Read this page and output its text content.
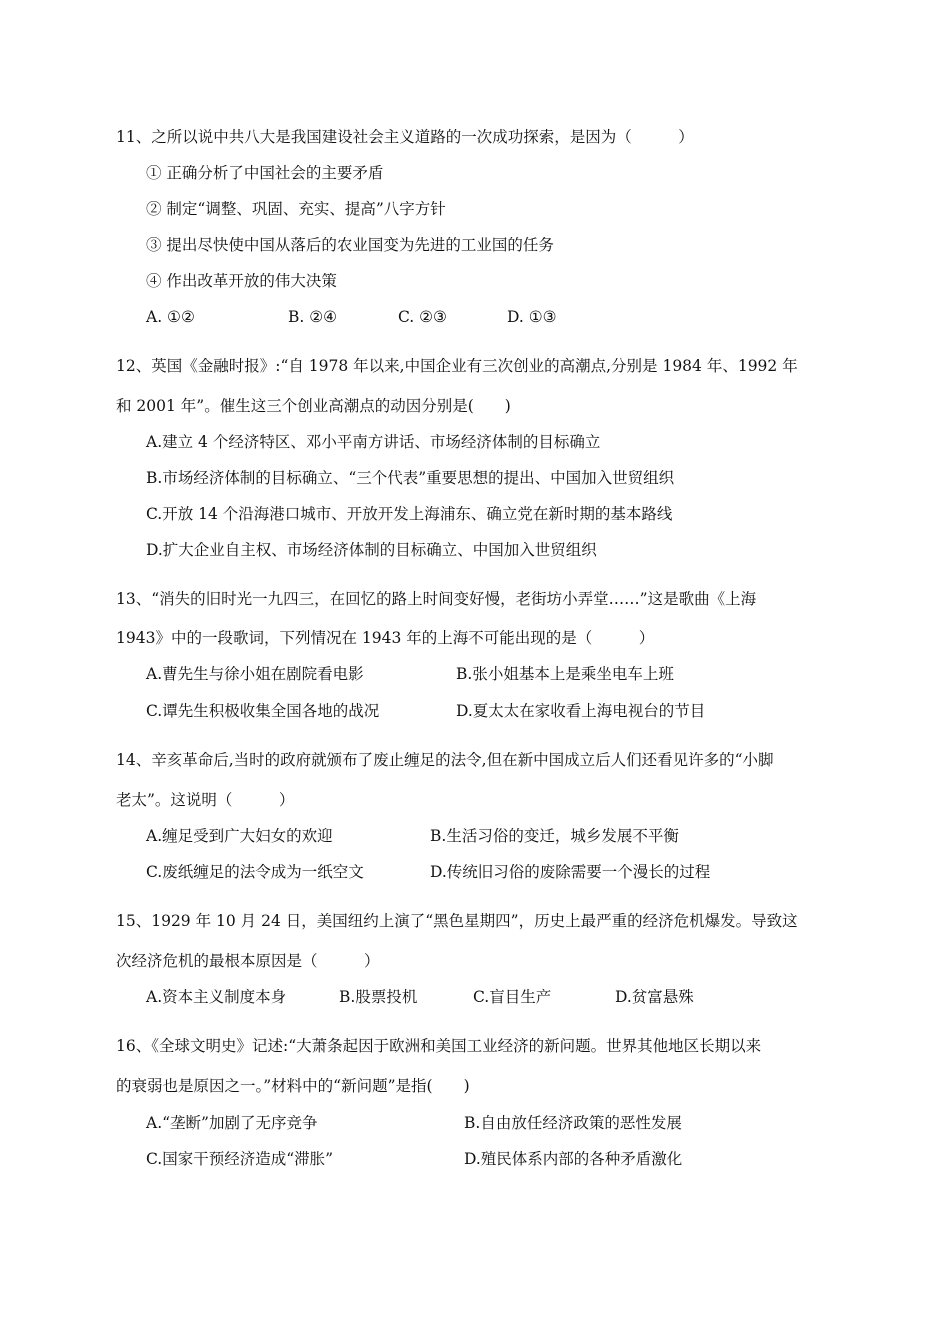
11、之所以说中共八大是我国建设社会主义道路的一次成功探索，是因为（　　　）
① 正确分析了中国社会的主要矛盾
② 制定“调整、巩固、充实、提高”八字方针
③ 提出尽快使中国从落后的农业国变为先进的工业国的任务
④ 作出改革开放的伟大决策
A. ①②	B. ②④	C. ②③	D. ①③
12、英国《金融时报》:“自 1978 年以来,中国企业有三次创业的高潮点,分别是 1984 年、1992 年
和 2001 年”。催生这三个创业高潮点的动因分别是(　　)
A.建立 4 个经济特区、邓小平南方讲话、市场经济体制的目标确立
B.市场经济体制的目标确立、“三个代表”重要思想的提出、中国加入世贸组织
C.开放 14 个沿海港口城市、开放开发上海浦东、确立党在新时期的基本路线
D.扩大企业自主权、市场经济体制的目标确立、中国加入世贸组织
13、“消失的旧时光一九四三，在回忆的路上时间变好慢，老街坊小弄堂……”这是歌曲《上海
1943》中的一段歌词，下列情况在 1943 年的上海不可能出现的是（　　　）
A.曹先生与徐小姐在剧院看电影	B.张小姐基本上是乘坐电车上班
C.谭先生积极收集全国各地的战况	D.夏太太在家收看上海电视台的节目
14、辛亥革命后,当时的政府就颁布了废止缠足的法令,但在新中国成立后人们还看见许多的“小脚
老太”。这说明（　　　）
A.缠足受到广大妇女的欢迎	B.生活习俗的变迁，城乡发展不平衡
C.废纸缠足的法令成为一纸空文	D.传统旧习俗的废除需要一个漫长的过程
15、1929 年 10 月 24 日，美国纽约上演了“黑色星期四”，历史上最严重的经济危机爆发。导致这
次经济危机的最根本原因是（　　　）
A.资本主义制度本身	B.股票投机	C.盲目生产	D.贫富悬殊
16、《全球文明史》记述:“大萧条起因于欧洲和美国工业经济的新问题。世界其他地区长期以来
的衰弱也是原因之一。”材料中的“新问题”是指(　　)
A.“垄断”加剧了无序竞争	B.自由放任经济政策的恶性发展
C.国家干预经济造成“滞胀”	D.殖民体系内部的各种矛盾激化
